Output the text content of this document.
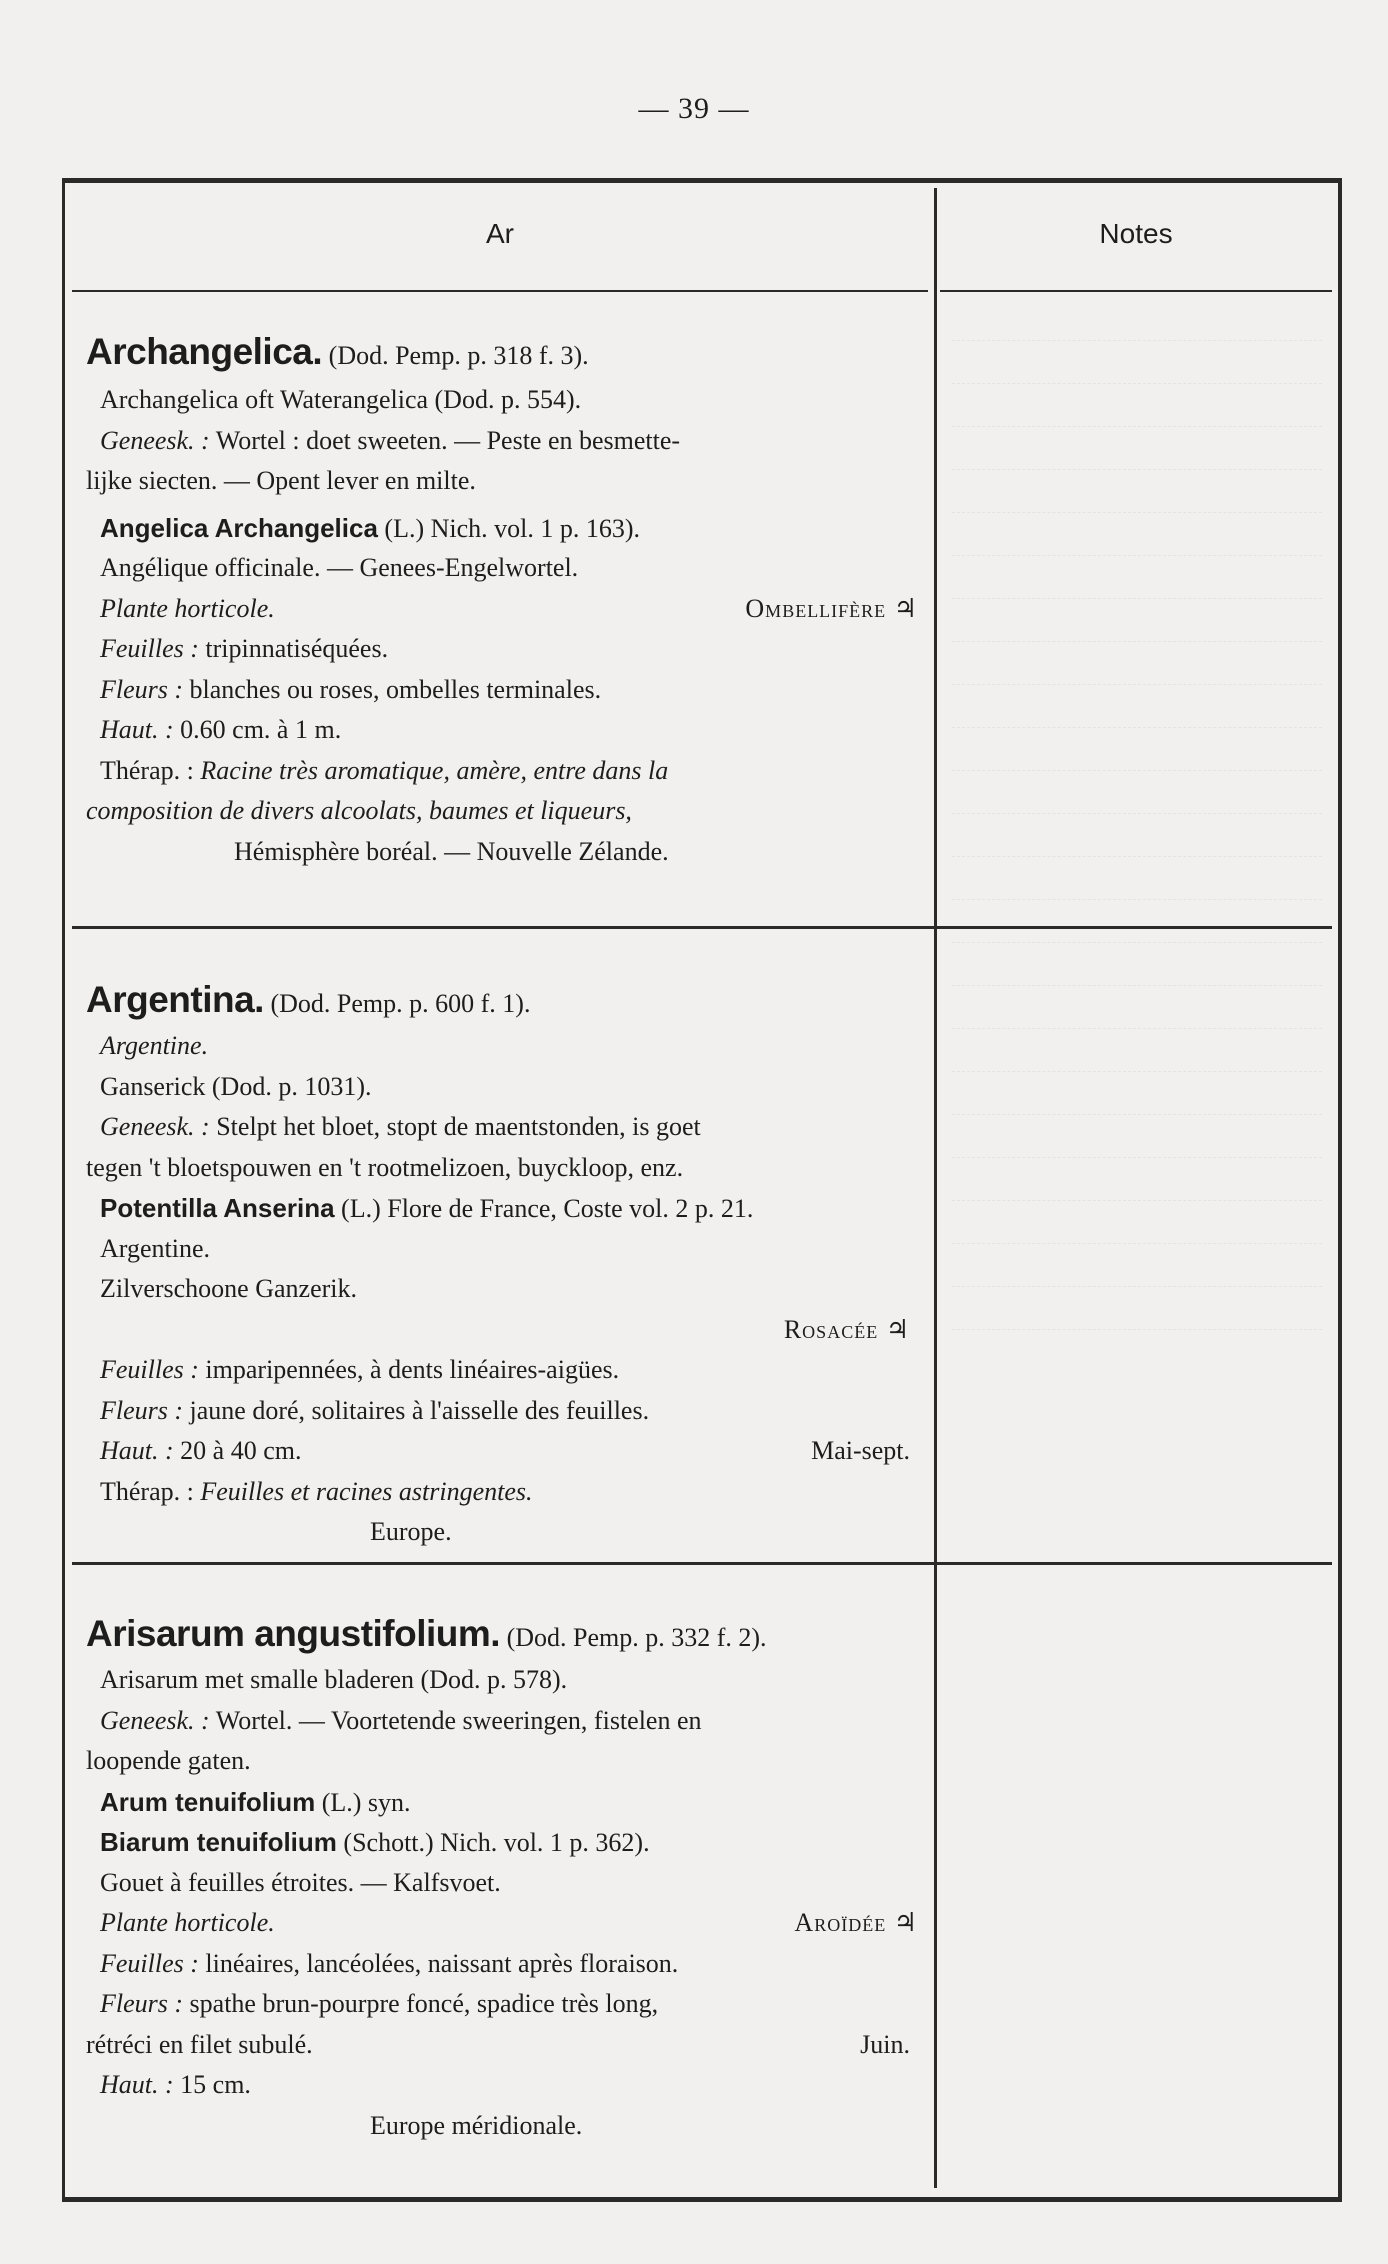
— 39 —
Ar	Notes
Archangelica. (Dod. Pemp. p. 318 f. 3).
Archangelica oft Waterangelica (Dod. p. 554).
Geneesk. : Wortel : doet sweeten. — Peste en besmette-
lijke siecten. — Opent lever en milte.
Angelica Archangelica (L.) Nich. vol. 1 p. 163).
Angélique officinale. — Genees-Engelwortel.
Plante horticole.	Ombellifère ♃
Feuilles : tripinnatiséquées.
Fleurs : blanches ou roses, ombelles terminales.
Haut. : 0.60 cm. à 1 m.
Thérap. : Racine très aromatique, amère, entre dans la
composition de divers alcoolats, baumes et liqueurs,
Hémisphère boréal. — Nouvelle Zélande.
Argentina. (Dod. Pemp. p. 600 f. 1).
Argentine.
Ganserick (Dod. p. 1031).
Geneesk. : Stelpt het bloet, stopt de maentstonden, is goet
tegen 't bloetspouwen en 't rootmelizoen, buyckloop, enz.
Potentilla Anserina (L.) Flore de France, Coste vol. 2 p. 21.
Argentine.
Zilverschoone Ganzerik.
Rosacée ♃
Feuilles : imparipennées, à dents linéaires-aigües.
Fleurs : jaune doré, solitaires à l'aisselle des feuilles.
Haut. : 20 à 40 cm.	Mai-sept.
Thérap. : Feuilles et racines astringentes.
Europe.
Arisarum angustifolium. (Dod. Pemp. p. 332 f. 2).
Arisarum met smalle bladeren (Dod. p. 578).
Geneesk. : Wortel. — Voortetende sweeringen, fistelen en
loopende gaten.
Arum tenuifolium (L.) syn.
Biarum tenuifolium (Schott.) Nich. vol. 1 p. 362).
Gouet à feuilles étroites. — Kalfsvoet.
Plante horticole.	Aroïdée ♃
Feuilles : linéaires, lancéolées, naissant après floraison.
Fleurs : spathe brun-pourpre foncé, spadice très long,
rétréci en filet subulé.	Juin.
Haut. : 15 cm.
Europe méridionale.
